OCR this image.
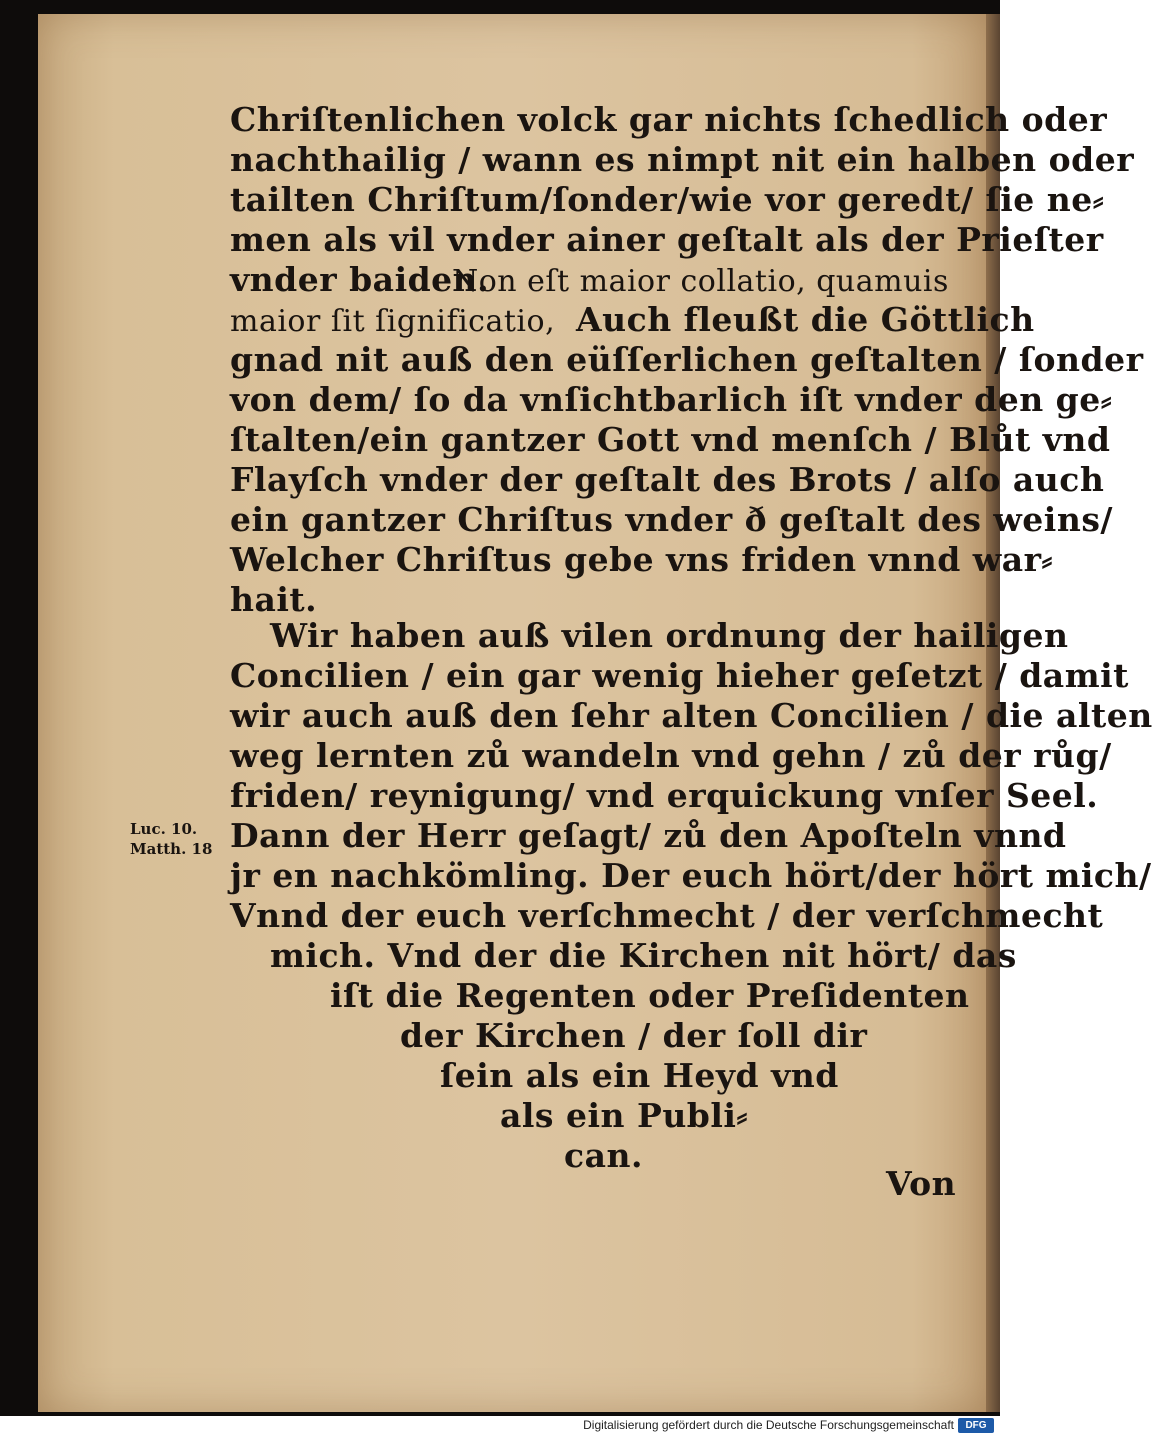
Chriſtenlichen volck gar nichts ſchedlich oder
nachthailig / wann es nimpt nit ein halben oder
tailten Chriſtum/ſonder/wie vor geredt/ ſie ne⸗
men als vil vnder ainer geſtalt als der Prieſter
vnder baiden.
Non eſt maior collatio, quamuis
maior ſit ſignificatio, Auch fleußt die Göttlich
gnad nit auß den eüſſerlichen geſtalten / ſonder
von dem/ ſo da vnſichtbarlich iſt vnder den ge⸗
ſtalten/ein gantzer Gott vnd menſch / Blůt vnd
Flayſch vnder der geſtalt des Brots / alſo auch
ein gantzer Chriſtus vnder ð geſtalt des weins/
Welcher Chriſtus gebe vns friden vnnd war⸗
hait.
Wir haben auß vilen ordnung der hailigen
Concilien / ein gar wenig hieher geſetzt / damit
wir auch auß den ſehr alten Concilien / die alten
weg lernten zů wandeln vnd gehn / zů der růg/
friden/ reynigung/ vnd erquickung vnſer Seel.
Dann der Herr geſagt/ zů den Apoſteln vnnd
jr en nachkömling. Der euch hört/der hört mich/
Vnnd der euch verſchmecht / der verſchmecht
mich. Vnd der die Kirchen nit hört/ das
iſt die Regenten oder Preſidenten
der Kirchen / der ſoll dir
ſein als ein Heyd vnd
als ein Publi⸗
can.
Von
Luc. 10.
Matth. 18
Digitalisierung gefördert durch die Deutsche Forschungsgemeinschaft	DFG
